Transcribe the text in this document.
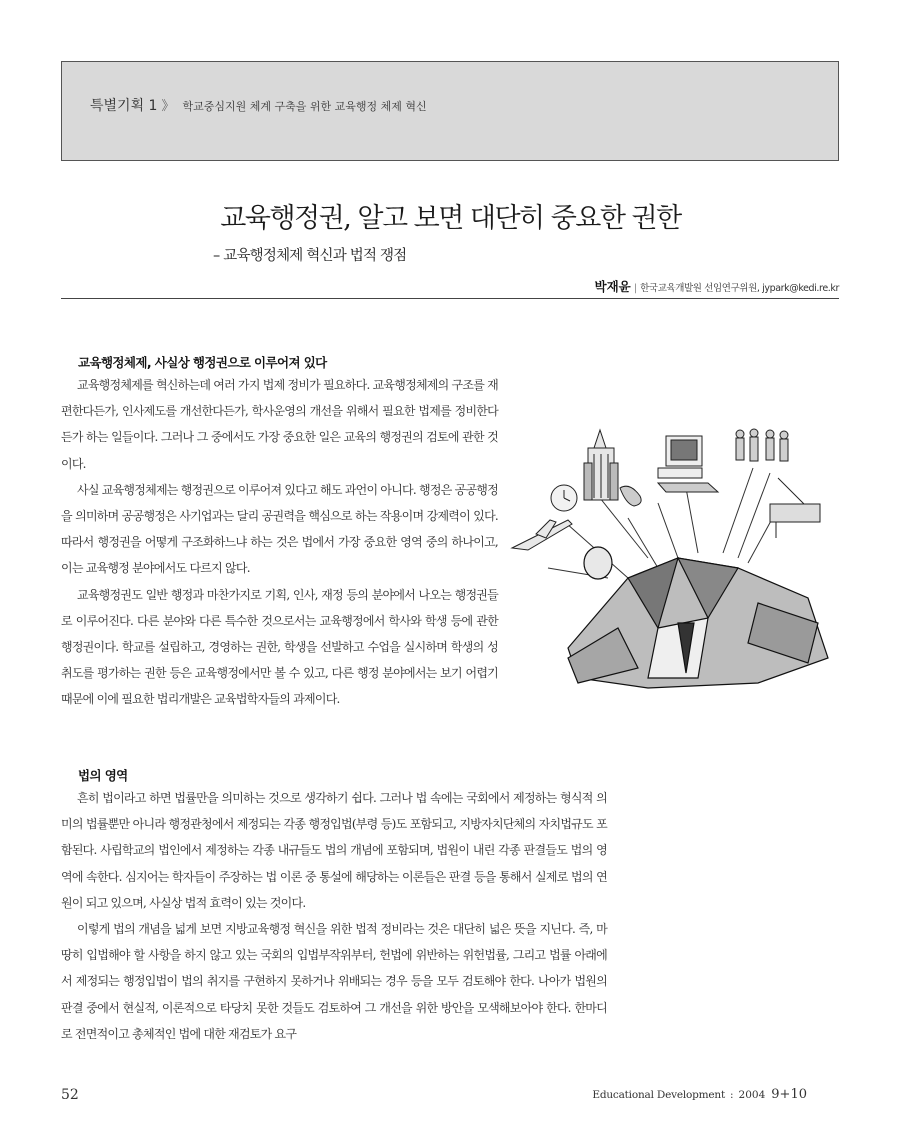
특별기획 1 》 학교중심지원 체계 구축을 위한 교육행정 체제 혁신
교육행정권, 알고 보면 대단히 중요한 권한
– 교육행정체제 혁신과 법적 쟁점
박재윤 | 한국교육개발원 선임연구위원, jypark@kedi.re.kr
교육행정체제, 사실상 행정권으로 이루어져 있다

교육행정체제를 혁신하는데 여러 가지 법제 정비가 필요하다. 교육행정체제의 구조를 재편한다든가, 인사제도를 개선한다든가, 학사운영의 개선을 위해서 필요한 법제를 정비한다든가 하는 일들이다. 그러나 그 중에서도 가장 중요한 일은 교육의 행정권의 검토에 관한 것이다.

사실 교육행정체제는 행정권으로 이루어져 있다고 해도 과언이 아니다. 행정은 공공행정을 의미하며 공공행정은 사기업과는 달리 공권력을 핵심으로 하는 작용이며 강제력이 있다. 따라서 행정권을 어떻게 구조화하느냐 하는 것은 법에서 가장 중요한 영역 중의 하나이고, 이는 교육행정 분야에서도 다르지 않다.

교육행정권도 일반 행정과 마찬가지로 기획, 인사, 재정 등의 분야에서 나오는 행정권들로 이루어진다. 다른 분야와 다른 특수한 것으로서는 교육행정에서 학사와 학생 등에 관한 행정권이다. 학교를 설립하고, 경영하는 권한, 학생을 선발하고 수업을 실시하며 학생의 성취도를 평가하는 권한 등은 교육행정에서만 볼 수 있고, 다른 행정 분야에서는 보기 어렵기 때문에 이에 필요한 법리개발은 교육법학자들의 과제이다.

법의 영역

흔히 법이라고 하면 법률만을 의미하는 것으로 생각하기 쉽다. 그러나 법 속에는 국회에서 제정하는 형식적 의미의 법률뿐만 아니라 행정관청에서 제정되는 각종 행정입법(부령 등)도 포함되고, 지방자치단체의 자치법규도 포함된다. 사립학교의 법인에서 제정하는 각종 내규들도 법의 개념에 포함되며, 법원이 내린 각종 판결들도 법의 영역에 속한다. 심지어는 학자들이 주장하는 법 이론 중 통설에 해당하는 이론들은 판결 등을 통해서 실제로 법의 연원이 되고 있으며, 사실상 법적 효력이 있는 것이다.

이렇게 법의 개념을 넓게 보면 지방교육행정 혁신을 위한 법적 정비라는 것은 대단히 넓은 뜻을 지닌다. 즉, 마땅히 입법해야 할 사항을 하지 않고 있는 국회의 입법부작위부터, 헌법에 위반하는 위헌법률, 그리고 법률 아래에서 제정되는 행정입법이 법의 취지를 구현하지 못하거나 위배되는 경우 등을 모두 검토해야 한다. 나아가 법원의 판결 중에서 현실적, 이론적으로 타당치 못한 것들도 검토하여 그 개선을 위한 방안을 모색해보아야 한다. 한마디로 전면적이고 총체적인 법에 대한 재검토가 요구

52	Educational Development : 2004 9+10
